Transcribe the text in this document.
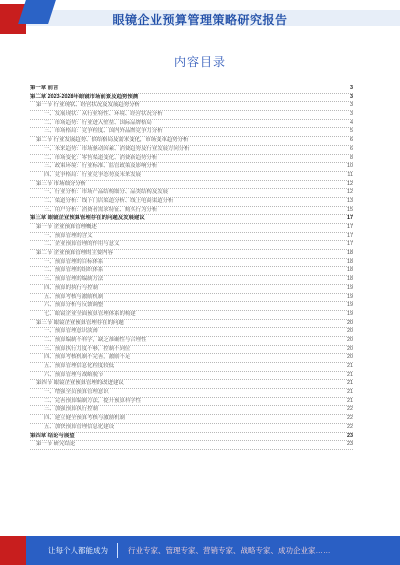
眼镜企业预算管理策略研究报告
内容目录
第一章 前言	3
第二章 2023-2028年眼镜市场前景及趋势预测	3
第一节 行业现状、经营状况及发展趋势分析	3
一、发展现状：从行业特性、环境、经营状况分析	3
二、市场趋势：行业进入壁垒、国际品牌格局	4
三、市场格局：竞争程度、国内外品牌竞争力分析	5
第二节 行业发展趋势、供给格局及需求变化，市场变革趋势分析	6
一、未来趋势：市场驱动因素、消费趋势及行业发展方向分析	6
二、市场变化：零售渠道变化、消费新趋势分析	8
三、政策环境：行业标准、监管政策及影响分析	10
四、竞争格局：行业竞争态势及未来发展	11
第三节 市场细分分析	12
一、行业分析：市场产品结构细分、品类结构及发展	12
二、渠道分析：线下门店渠道分析、线上电商渠道分析	13
三、用户分析：消费者需求特征、购买行为分析	15
第三章 眼镜企业预算管理存在的问题及发展建议	17
第一节 企业预算管理概述	17
一、预算管理的含义	17
二、企业预算管理的作用与意义	17
第二节 企业预算管理的主要内容	18
一、预算管理的目标体系	18
二、预算管理的组织体系	18
三、预算管理的编制方法	18
四、预算的执行与控制	19
五、预算考核与激励机制	19
六、预算分析与反馈调整	19
七、眼镜企业全面预算管理体系的构建	19
第三节 眼镜企业预算管理存在的问题	20
一、预算管理意识淡薄	20
二、预算编制不科学，缺乏准确性与合理性	20
三、预算执行力度不够，控制不到位	20
四、预算考核机制不完善，激励不足	20
五、预算管理信息化程度较低	21
六、预算管理与战略脱节	21
第四节 眼镜企业预算管理的改进建议	21
一、增强全员预算管理意识	21
二、完善预算编制方法，提升预算科学性	21
三、加强预算执行控制	22
四、建立健全预算考核与激励机制	22
五、加快预算管理信息化建设	22
第四章 结论与展望	23
第一节 研究结论	23
让每个人都能成为	行业专家、管理专家、营销专家、战略专家、成功企业家……
